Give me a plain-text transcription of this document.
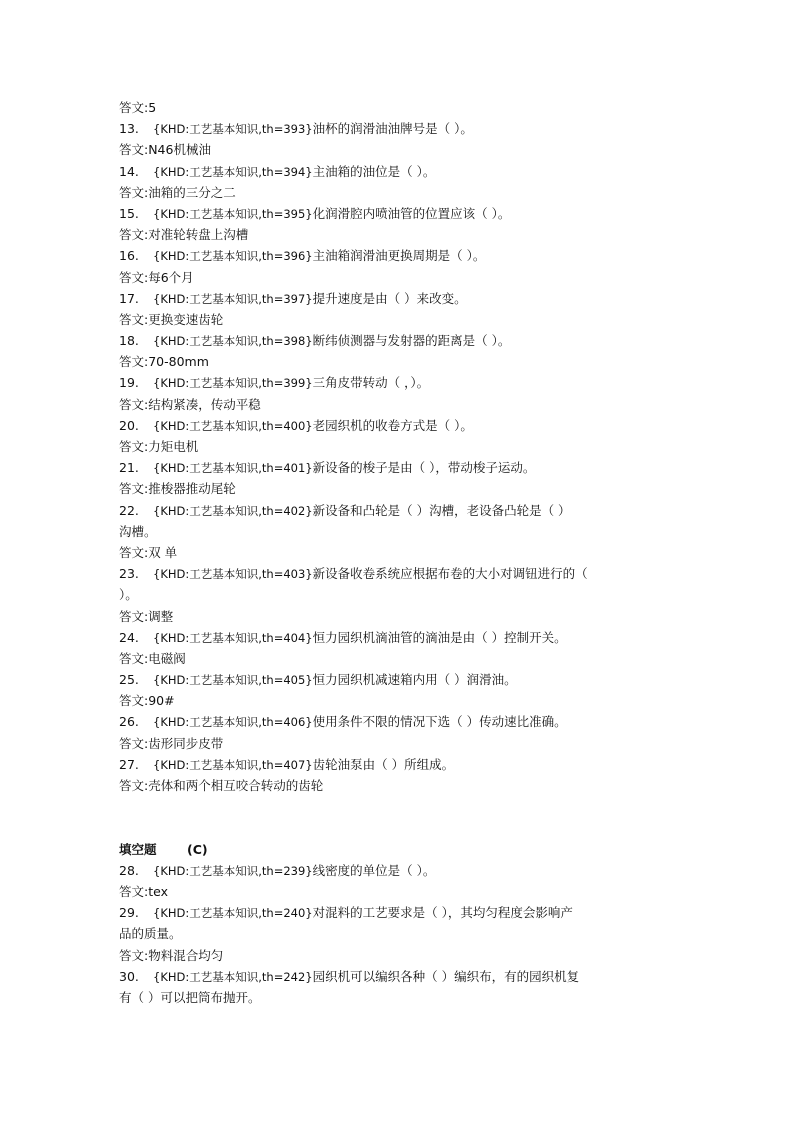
答文:5
13. {KHD:工艺基本知识,th=393}油杯的润滑油油牌号是（ ）。
答文:N46机械油
14. {KHD:工艺基本知识,th=394}主油箱的油位是（ ）。
答文:油箱的三分之二
15. {KHD:工艺基本知识,th=395}化润滑腔内喷油管的位置应该（ ）。
答文:对准轮转盘上沟槽
16. {KHD:工艺基本知识,th=396}主油箱润滑油更换周期是（ ）。
答文:每6个月
17. {KHD:工艺基本知识,th=397}提升速度是由（ ）来改变。
答文:更换变速齿轮
18. {KHD:工艺基本知识,th=398}断纬侦测器与发射器的距离是（ ）。
答文:70-80mm
19. {KHD:工艺基本知识,th=399}三角皮带转动（ ，）。
答文:结构紧凑，传动平稳
20. {KHD:工艺基本知识,th=400}老园织机的收卷方式是（ ）。
答文:力矩电机
21. {KHD:工艺基本知识,th=401}新设备的梭子是由（ ），带动梭子运动。
答文:推梭器推动尾轮
22. {KHD:工艺基本知识,th=402}新设备和凸轮是（ ）沟槽，老设备凸轮是（ ）
沟槽。
答文:双 单
23. {KHD:工艺基本知识,th=403}新设备收卷系统应根据布卷的大小对调钮进行的（
）。
答文:调整
24. {KHD:工艺基本知识,th=404}恒力园织机滴油管的滴油是由（ ）控制开关。
答文:电磁阀
25. {KHD:工艺基本知识,th=405}恒力园织机减速箱内用（ ）润滑油。
答文:90#
26. {KHD:工艺基本知识,th=406}使用条件不限的情况下选（ ）传动速比准确。
答文:齿形同步皮带
27. {KHD:工艺基本知识,th=407}齿轮油泵由（ ）所组成。
答文:壳体和两个相互咬合转动的齿轮
填空题 (C)
28. {KHD:工艺基本知识,th=239}线密度的单位是（ ）。
答文:tex
29. {KHD:工艺基本知识,th=240}对混料的工艺要求是（ ），其均匀程度会影响产
品的质量。
答文:物料混合均匀
30. {KHD:工艺基本知识,th=242}园织机可以编织各种（ ）编织布，有的园织机复
有（ ）可以把筒布抛开。
